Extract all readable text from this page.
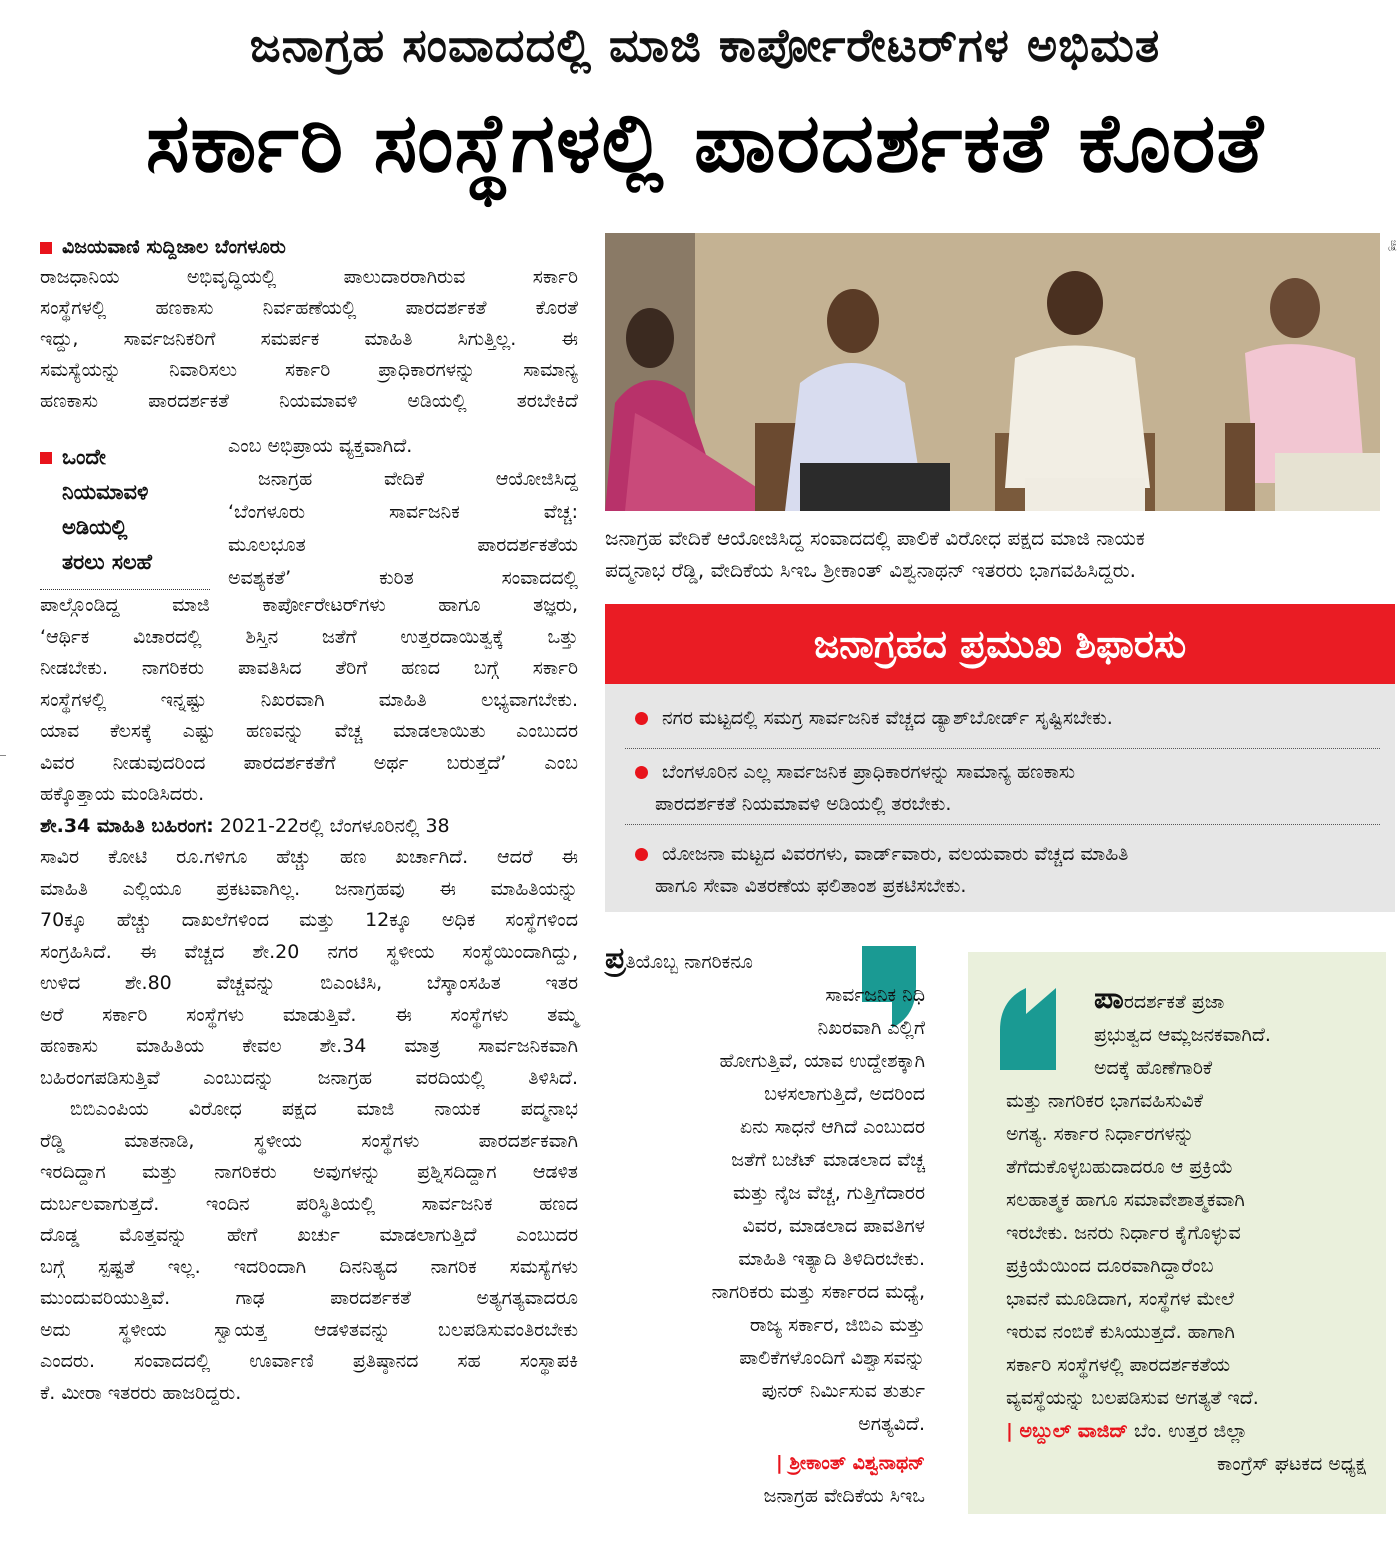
ಜನಾಗ್ರಹ ಸಂವಾದದಲ್ಲಿ ಮಾಜಿ ಕಾರ್ಪೋರೇಟರ್‌ಗಳ ಅಭಿಮತ
ಸರ್ಕಾರಿ ಸಂಸ್ಥೆಗಳಲ್ಲಿ ಪಾರದರ್ಶಕತೆ ಕೊರತೆ
ವಿಜಯವಾಣಿ ಸುದ್ದಿಜಾಲ ಬೆಂಗಳೂರು
ರಾಜಧಾನಿಯ ಅಭಿವೃದ್ಧಿಯಲ್ಲಿ ಪಾಲುದಾರರಾಗಿರುವ ಸರ್ಕಾರಿ
ಸಂಸ್ಥೆಗಳಲ್ಲಿ ಹಣಕಾಸು ನಿರ್ವಹಣೆಯಲ್ಲಿ ಪಾರದರ್ಶಕತೆ ಕೊರತೆ
ಇದ್ದು, ಸಾರ್ವಜನಿಕರಿಗೆ ಸಮರ್ಪಕ ಮಾಹಿತಿ ಸಿಗುತ್ತಿಲ್ಲ. ಈ
ಸಮಸ್ಯೆಯನ್ನು ನಿವಾರಿಸಲು ಸರ್ಕಾರಿ ಪ್ರಾಧಿಕಾರಗಳನ್ನು ಸಾಮಾನ್ಯ
ಹಣಕಾಸು ಪಾರದರ್ಶಕತೆ ನಿಯಮಾವಳಿ ಅಡಿಯಲ್ಲಿ ತರಬೇಕಿದೆ
ಒಂದೇ
ನಿಯಮಾವಳಿ
ಅಡಿಯಲ್ಲಿ
ತರಲು ಸಲಹೆ
ಎಂಬ ಅಭಿಪ್ರಾಯ ವ್ಯಕ್ತವಾಗಿದೆ.
ಜನಾಗ್ರಹ ವೇದಿಕೆ ಆಯೋಜಿಸಿದ್ದ
‘ಬೆಂಗಳೂರು ಸಾರ್ವಜನಿಕ ವೆಚ್ಚ:
ಮೂಲಭೂತ ಪಾರದರ್ಶಕತೆಯ
ಅವಶ್ಯಕತೆ’ ಕುರಿತ ಸಂವಾದದಲ್ಲಿ
ಪಾಲ್ಗೊಂಡಿದ್ದ ಮಾಜಿ ಕಾರ್ಪೋರೇಟರ್‌ಗಳು ಹಾಗೂ ತಜ್ಞರು,
‘ಆರ್ಥಿಕ ವಿಚಾರದಲ್ಲಿ ಶಿಸ್ತಿನ ಜತೆಗೆ ಉತ್ತರದಾಯಿತ್ವಕ್ಕೆ ಒತ್ತು
ನೀಡಬೇಕು. ನಾಗರಿಕರು ಪಾವತಿಸಿದ ತೆರಿಗೆ ಹಣದ ಬಗ್ಗೆ ಸರ್ಕಾರಿ
ಸಂಸ್ಥೆಗಳಲ್ಲಿ ಇನ್ನಷ್ಟು ನಿಖರವಾಗಿ ಮಾಹಿತಿ ಲಭ್ಯವಾಗಬೇಕು.
ಯಾವ ಕೆಲಸಕ್ಕೆ ಎಷ್ಟು ಹಣವನ್ನು ವೆಚ್ಚ ಮಾಡಲಾಯಿತು ಎಂಬುದರ
ವಿವರ ನೀಡುವುದರಿಂದ ಪಾರದರ್ಶಕತೆಗೆ ಅರ್ಥ ಬರುತ್ತದೆ’ ಎಂಬ
ಹಕ್ಕೊತ್ತಾಯ ಮಂಡಿಸಿದರು.
ಶೇ.34 ಮಾಹಿತಿ ಬಹಿರಂಗ: 2021-22ರಲ್ಲಿ ಬೆಂಗಳೂರಿನಲ್ಲಿ 38
ಸಾವಿರ ಕೋಟಿ ರೂ.ಗಳಿಗೂ ಹೆಚ್ಚು ಹಣ ಖರ್ಚಾಗಿದೆ. ಆದರೆ ಈ
ಮಾಹಿತಿ ಎಲ್ಲಿಯೂ ಪ್ರಕಟವಾಗಿಲ್ಲ. ಜನಾಗ್ರಹವು ಈ ಮಾಹಿತಿಯನ್ನು
70ಕ್ಕೂ ಹೆಚ್ಚು ದಾಖಲೆಗಳಿಂದ ಮತ್ತು 12ಕ್ಕೂ ಅಧಿಕ ಸಂಸ್ಥೆಗಳಿಂದ
ಸಂಗ್ರಹಿಸಿದೆ. ಈ ವೆಚ್ಚದ ಶೇ.20 ನಗರ ಸ್ಥಳೀಯ ಸಂಸ್ಥೆಯಿಂದಾಗಿದ್ದು,
ಉಳಿದ ಶೇ.80 ವೆಚ್ಚವನ್ನು ಬಿಎಂಟಿಸಿ, ಬೆಸ್ಕಾಂಸಹಿತ ಇತರ
ಅರೆ ಸರ್ಕಾರಿ ಸಂಸ್ಥೆಗಳು ಮಾಡುತ್ತಿವೆ. ಈ ಸಂಸ್ಥೆಗಳು ತಮ್ಮ
ಹಣಕಾಸು ಮಾಹಿತಿಯ ಕೇವಲ ಶೇ.34 ಮಾತ್ರ ಸಾರ್ವಜನಿಕವಾಗಿ
ಬಹಿರಂಗಪಡಿಸುತ್ತಿವೆ ಎಂಬುದನ್ನು ಜನಾಗ್ರಹ ವರದಿಯಲ್ಲಿ ತಿಳಿಸಿದೆ.
ಬಿಬಿಎಂಪಿಯ ವಿರೋಧ ಪಕ್ಷದ ಮಾಜಿ ನಾಯಕ ಪದ್ಮನಾಭ
ರೆಡ್ಡಿ ಮಾತನಾಡಿ, ಸ್ಥಳೀಯ ಸಂಸ್ಥೆಗಳು ಪಾರದರ್ಶಕವಾಗಿ
ಇರದಿದ್ದಾಗ ಮತ್ತು ನಾಗರಿಕರು ಅವುಗಳನ್ನು ಪ್ರಶ್ನಿಸದಿದ್ದಾಗ ಆಡಳಿತ
ದುರ್ಬಲವಾಗುತ್ತದೆ. ಇಂದಿನ ಪರಿಸ್ಥಿತಿಯಲ್ಲಿ ಸಾರ್ವಜನಿಕ ಹಣದ
ದೊಡ್ಡ ಮೊತ್ತವನ್ನು ಹೇಗೆ ಖರ್ಚು ಮಾಡಲಾಗುತ್ತಿದೆ ಎಂಬುದರ
ಬಗ್ಗೆ ಸ್ಪಷ್ಟತೆ ಇಲ್ಲ. ಇದರಿಂದಾಗಿ ದಿನನಿತ್ಯದ ನಾಗರಿಕ ಸಮಸ್ಯೆಗಳು
ಮುಂದುವರಿಯುತ್ತಿವೆ. ಗಾಢ ಪಾರದರ್ಶಕತೆ ಅತ್ಯಗತ್ಯವಾದರೂ
ಅದು ಸ್ಥಳೀಯ ಸ್ವಾಯತ್ತ ಆಡಳಿತವನ್ನು ಬಲಪಡಿಸುವಂತಿರಬೇಕು
ಎಂದರು. ಸಂವಾದದಲ್ಲಿ ಊರ್ವಾಣಿ ಪ್ರತಿಷ್ಠಾನದ ಸಹ ಸಂಸ್ಥಾಪಕಿ
ಕೆ. ಮೀರಾ ಇತರರು ಹಾಜರಿದ್ದರು.
ಚಿತ್ರ
ಜನಾಗ್ರಹ ವೇದಿಕೆ ಆಯೋಜಿಸಿದ್ದ ಸಂವಾದದಲ್ಲಿ ಪಾಲಿಕೆ ವಿರೋಧ ಪಕ್ಷದ ಮಾಜಿ ನಾಯಕ
ಪದ್ಮನಾಭ ರೆಡ್ಡಿ, ವೇದಿಕೆಯ ಸಿಇಒ ಶ್ರೀಕಾಂತ್ ವಿಶ್ವನಾಥನ್ ಇತರರು ಭಾಗವಹಿಸಿದ್ದರು.
ಜನಾಗ್ರಹದ ಪ್ರಮುಖ ಶಿಫಾರಸು
ನಗರ ಮಟ್ಟದಲ್ಲಿ ಸಮಗ್ರ ಸಾರ್ವಜನಿಕ ವೆಚ್ಚದ ಡ್ಯಾಶ್‌ಬೋರ್ಡ್ ಸೃಷ್ಟಿಸಬೇಕು.
ಬೆಂಗಳೂರಿನ ಎಲ್ಲ ಸಾರ್ವಜನಿಕ ಪ್ರಾಧಿಕಾರಗಳನ್ನು ಸಾಮಾನ್ಯ ಹಣಕಾಸು
ಪಾರದರ್ಶಕತೆ ನಿಯಮಾವಳಿ ಅಡಿಯಲ್ಲಿ ತರಬೇಕು.
ಯೋಜನಾ ಮಟ್ಟದ ವಿವರಗಳು, ವಾರ್ಡ್‌ವಾರು, ವಲಯವಾರು ವೆಚ್ಚದ ಮಾಹಿತಿ
ಹಾಗೂ ಸೇವಾ ವಿತರಣೆಯ ಫಲಿತಾಂಶ ಪ್ರಕಟಿಸಬೇಕು.
ಪ್ರತಿಯೊಬ್ಬ ನಾಗರಿಕನೂ
ಸಾರ್ವಜನಿಕ ನಿಧಿ
ನಿಖರವಾಗಿ ಎಲ್ಲಿಗೆ
ಹೋಗುತ್ತಿವೆ, ಯಾವ ಉದ್ದೇಶಕ್ಕಾಗಿ
ಬಳಸಲಾಗುತ್ತಿದೆ, ಅದರಿಂದ
ಏನು ಸಾಧನೆ ಆಗಿದೆ ಎಂಬುದರ
ಜತೆಗೆ ಬಜೆಟ್ ಮಾಡಲಾದ ವೆಚ್ಚ
ಮತ್ತು ನೈಜ ವೆಚ್ಚ, ಗುತ್ತಿಗೆದಾರರ
ವಿವರ, ಮಾಡಲಾದ ಪಾವತಿಗಳ
ಮಾಹಿತಿ ಇತ್ಯಾದಿ ತಿಳಿದಿರಬೇಕು.
ನಾಗರಿಕರು ಮತ್ತು ಸರ್ಕಾರದ ಮಧ್ಯೆ,
ರಾಜ್ಯ ಸರ್ಕಾರ, ಜಿಬಿಎ ಮತ್ತು
ಪಾಲಿಕೆಗಳೊಂದಿಗೆ ವಿಶ್ವಾಸವನ್ನು
ಪುನರ್ ನಿರ್ಮಿಸುವ ತುರ್ತು
ಅಗತ್ಯವಿದೆ.
| ಶ್ರೀಕಾಂತ್ ವಿಶ್ವನಾಥನ್
ಜನಾಗ್ರಹ ವೇದಿಕೆಯ ಸಿಇಒ
ಪಾರದರ್ಶಕತೆ ಪ್ರಜಾ
ಪ್ರಭುತ್ವದ ಆಮ್ಲಜನಕವಾಗಿದೆ.
ಅದಕ್ಕೆ ಹೊಣೆಗಾರಿಕೆ
ಮತ್ತು ನಾಗರಿಕರ ಭಾಗವಹಿಸುವಿಕೆ
ಅಗತ್ಯ. ಸರ್ಕಾರ ನಿರ್ಧಾರಗಳನ್ನು
ತೆಗೆದುಕೊಳ್ಳಬಹುದಾದರೂ ಆ ಪ್ರಕ್ರಿಯೆ
ಸಲಹಾತ್ಮಕ ಹಾಗೂ ಸಮಾವೇಶಾತ್ಮಕವಾಗಿ
ಇರಬೇಕು. ಜನರು ನಿರ್ಧಾರ ಕೈಗೊಳ್ಳುವ
ಪ್ರಕ್ರಿಯೆಯಿಂದ ದೂರವಾಗಿದ್ದಾರೆಂಬ
ಭಾವನೆ ಮೂಡಿದಾಗ, ಸಂಸ್ಥೆಗಳ ಮೇಲೆ
ಇರುವ ನಂಬಿಕೆ ಕುಸಿಯುತ್ತದೆ. ಹಾಗಾಗಿ
ಸರ್ಕಾರಿ ಸಂಸ್ಥೆಗಳಲ್ಲಿ ಪಾರದರ್ಶಕತೆಯ
ವ್ಯವಸ್ಥೆಯನ್ನು ಬಲಪಡಿಸುವ ಅಗತ್ಯತೆ ಇದೆ.
| ಅಬ್ದುಲ್ ವಾಜಿದ್ ಬೆಂ. ಉತ್ತರ ಜಿಲ್ಲಾ
ಕಾಂಗ್ರೆಸ್ ಘಟಕದ ಅಧ್ಯಕ್ಷ
